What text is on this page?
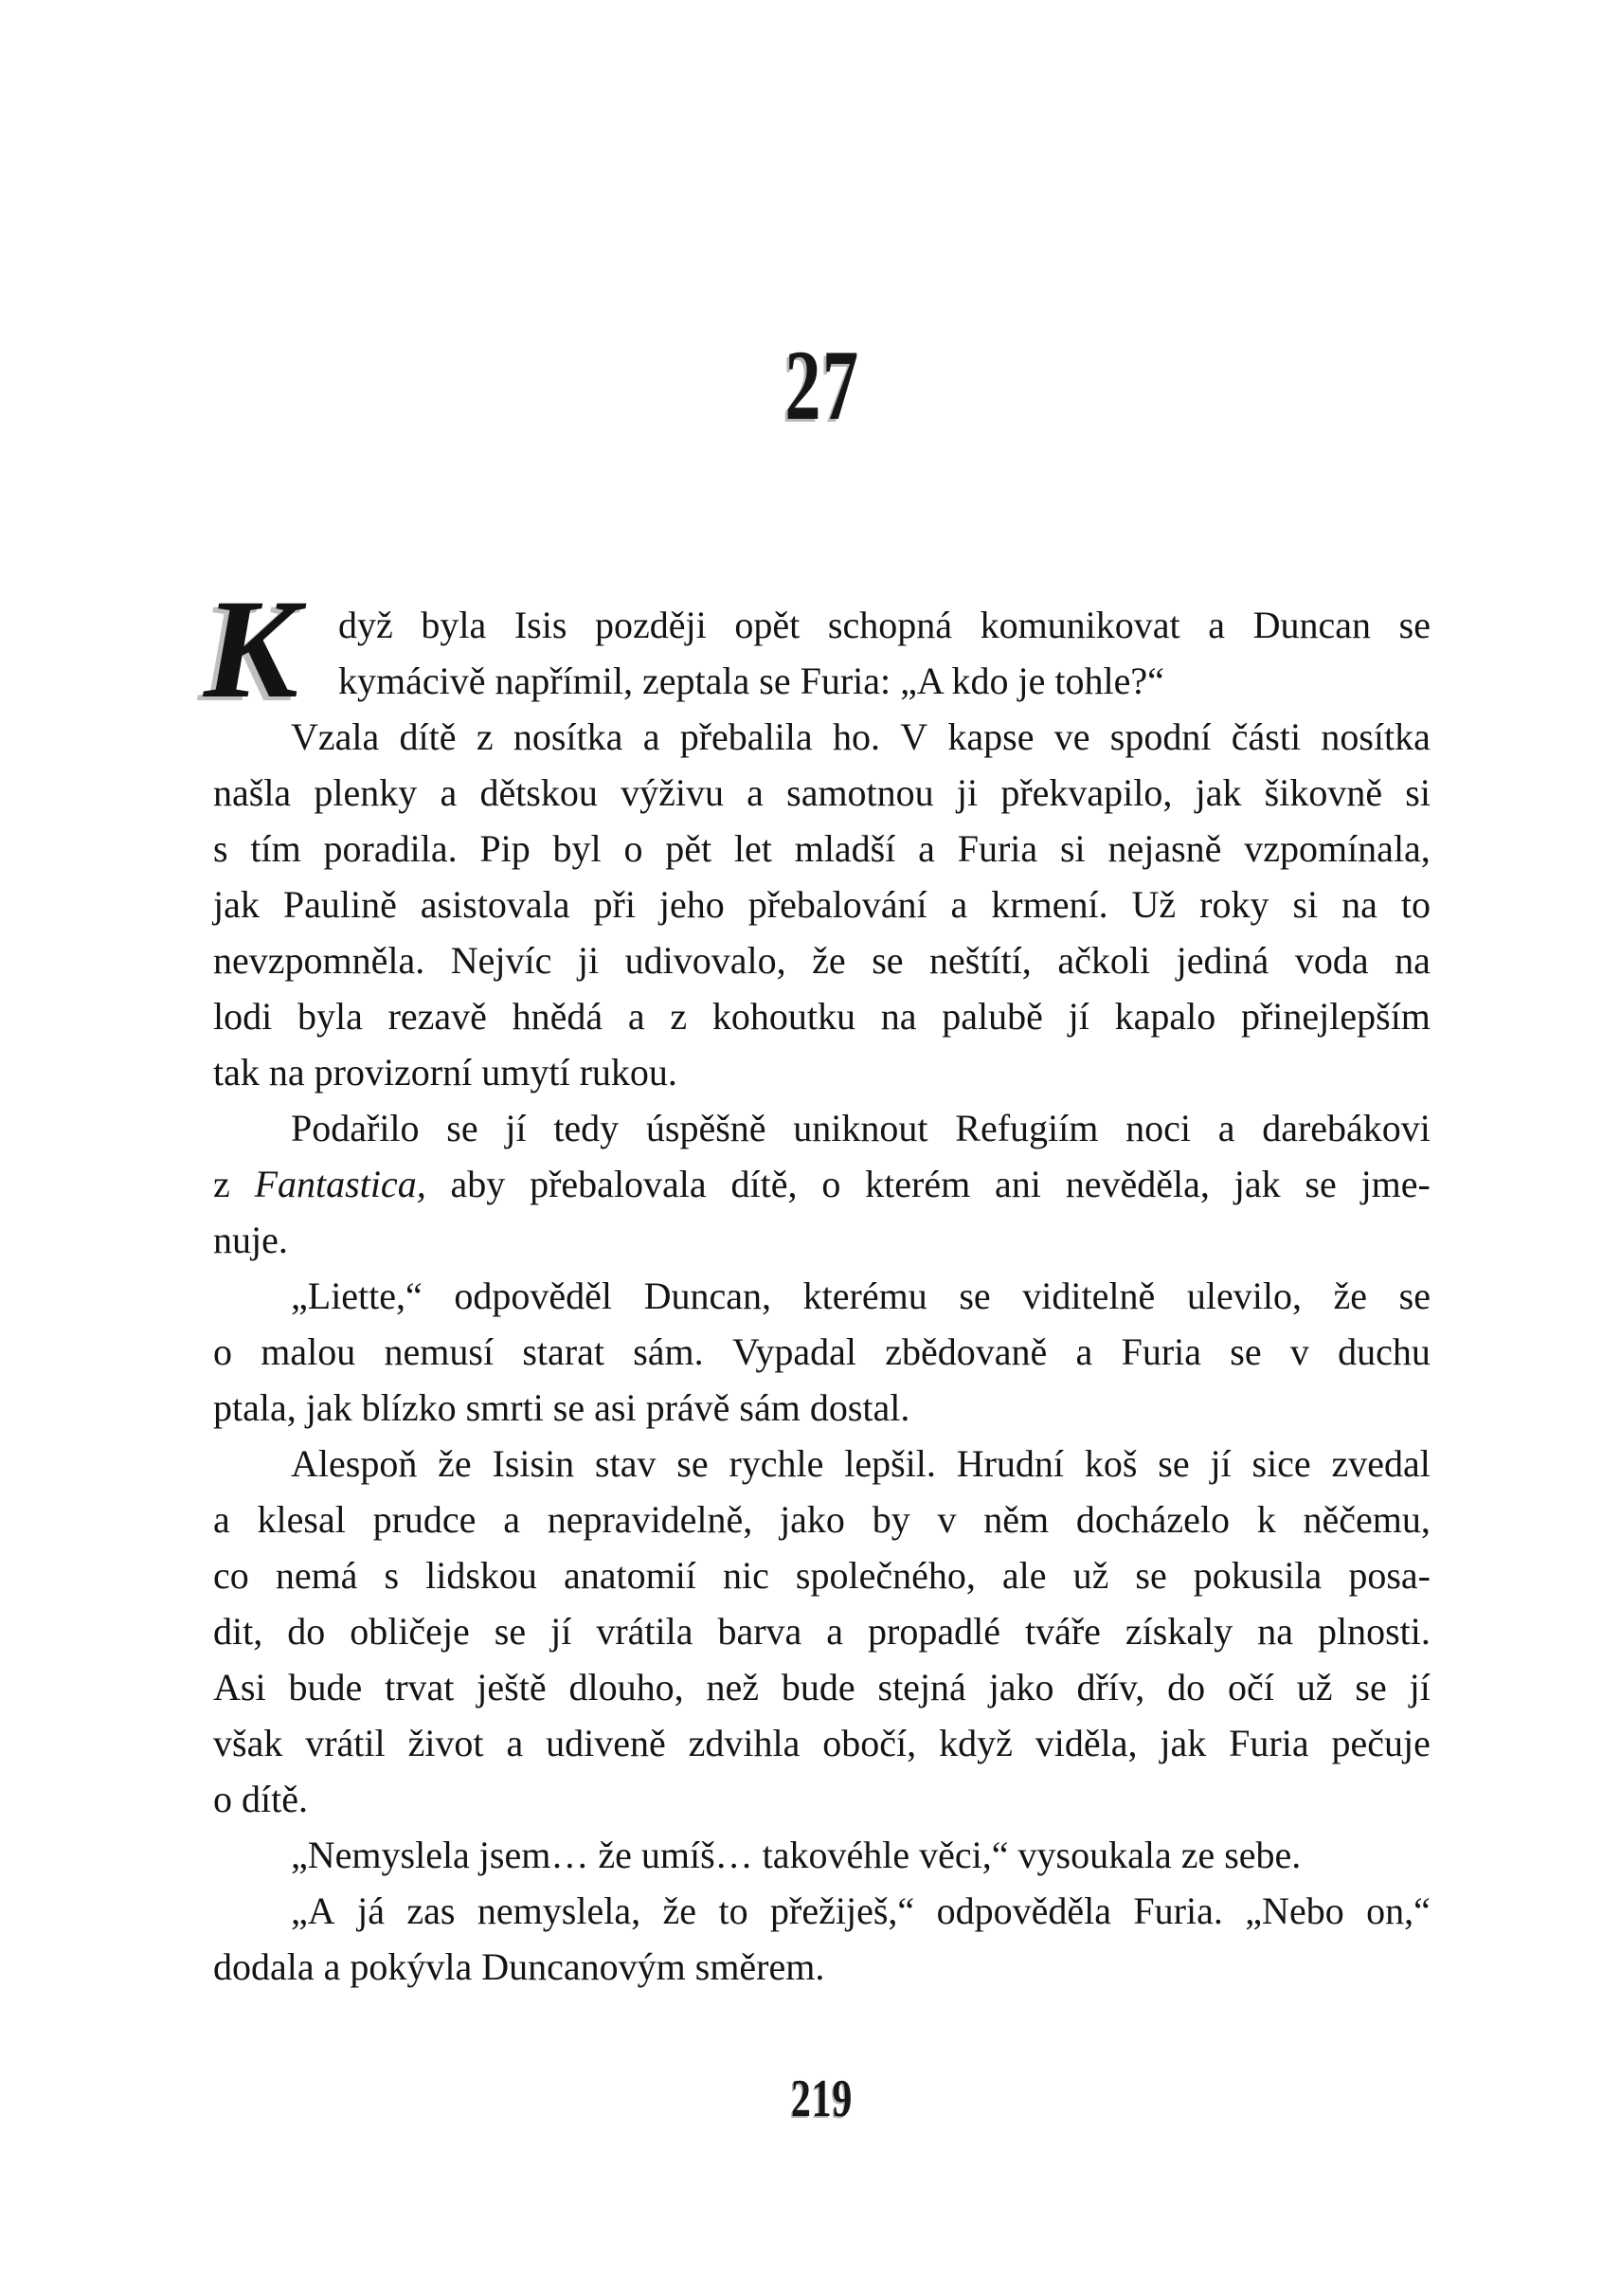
27
K dyž byla Isis později opět schopná komunikovat a Duncan se
kymácivě napřímil, zeptala se Furia: „A kdo je tohle?“
Vzala dítě z nosítka a přebalila ho. V kapse ve spodní části nosítka
našla plenky a dětskou výživu a samotnou ji překvapilo, jak šikovně si
s tím poradila. Pip byl o pět let mladší a Furia si nejasně vzpomínala,
jak Paulině asistovala při jeho přebalování a krmení. Už roky si na to
nevzpomněla. Nejvíc ji udivovalo, že se neštítí, ačkoli jediná voda na
lodi byla rezavě hnědá a z kohoutku na palubě jí kapalo přinejlepším
tak na provizorní umytí rukou.
Podařilo se jí tedy úspěšně uniknout Refugiím noci a darebákovi
z Fantastica, aby přebalovala dítě, o kterém ani nevěděla, jak se jme-
nuje.
„Liette,“ odpověděl Duncan, kterému se viditelně ulevilo, že se
o malou nemusí starat sám. Vypadal zbědovaně a Furia se v duchu
ptala, jak blízko smrti se asi právě sám dostal.
Alespoň že Isisin stav se rychle lepšil. Hrudní koš se jí sice zvedal
a klesal prudce a nepravidelně, jako by v něm docházelo k něčemu,
co nemá s lidskou anatomií nic společného, ale už se pokusila posa-
dit, do obličeje se jí vrátila barva a propadlé tváře získaly na plnosti.
Asi bude trvat ještě dlouho, než bude stejná jako dřív, do očí už se jí
však vrátil život a udiveně zdvihla obočí, když viděla, jak Furia pečuje
o dítě.
„Nemyslela jsem… že umíš… takovéhle věci,“ vysoukala ze sebe.
„A já zas nemyslela, že to přežiješ,“ odpověděla Furia. „Nebo on,“
dodala a pokývla Duncanovým směrem.
219
